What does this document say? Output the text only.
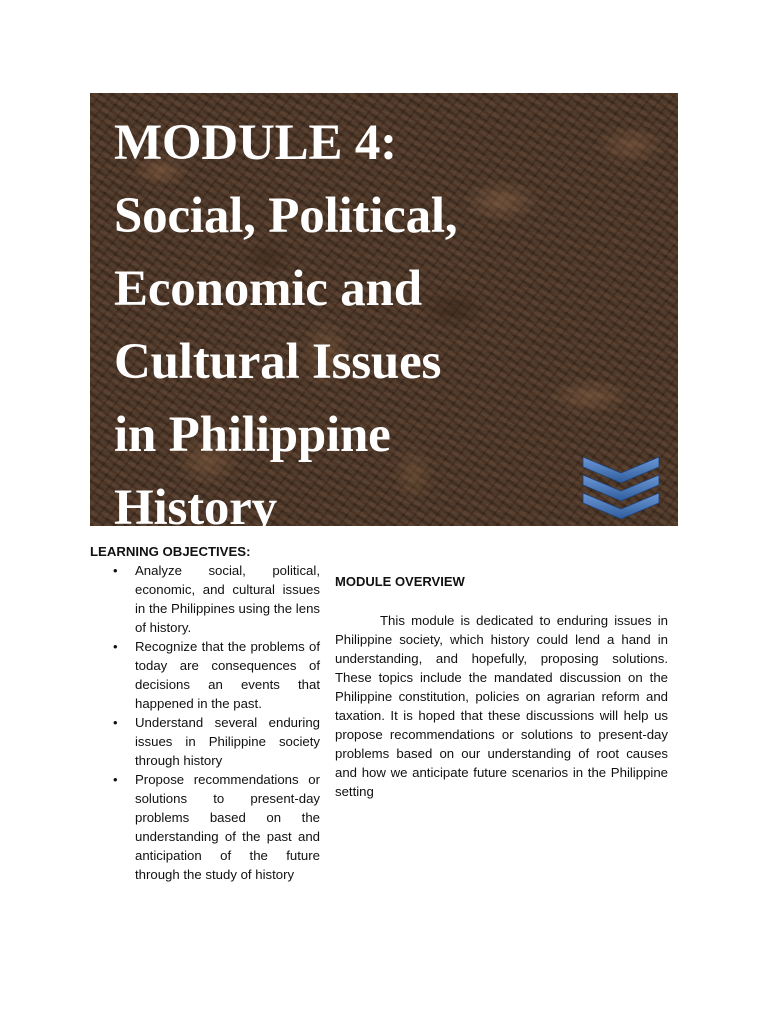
MODULE 4:
Social, Political,
Economic and
Cultural Issues
in Philippine
History
LEARNING OBJECTIVES:
• Analyze social, political, economic, and cultural issues in the Philippines using the lens of history.
• Recognize that the problems of today are consequences of decisions an events that happened in the past.
• Understand several enduring issues in Philippine society through history
• Propose recommendations or solutions to present-day problems based on the understanding of the past and anticipation of the future through the study of history
MODULE OVERVIEW

This module is dedicated to enduring issues in Philippine society, which history could lend a hand in understanding, and hopefully, proposing solutions. These topics include the mandated discussion on the Philippine constitution, policies on agrarian reform and taxation. It is hoped that these discussions will help us propose recommendations or solutions to present-day problems based on our understanding of root causes and how we anticipate future scenarios in the Philippine setting
